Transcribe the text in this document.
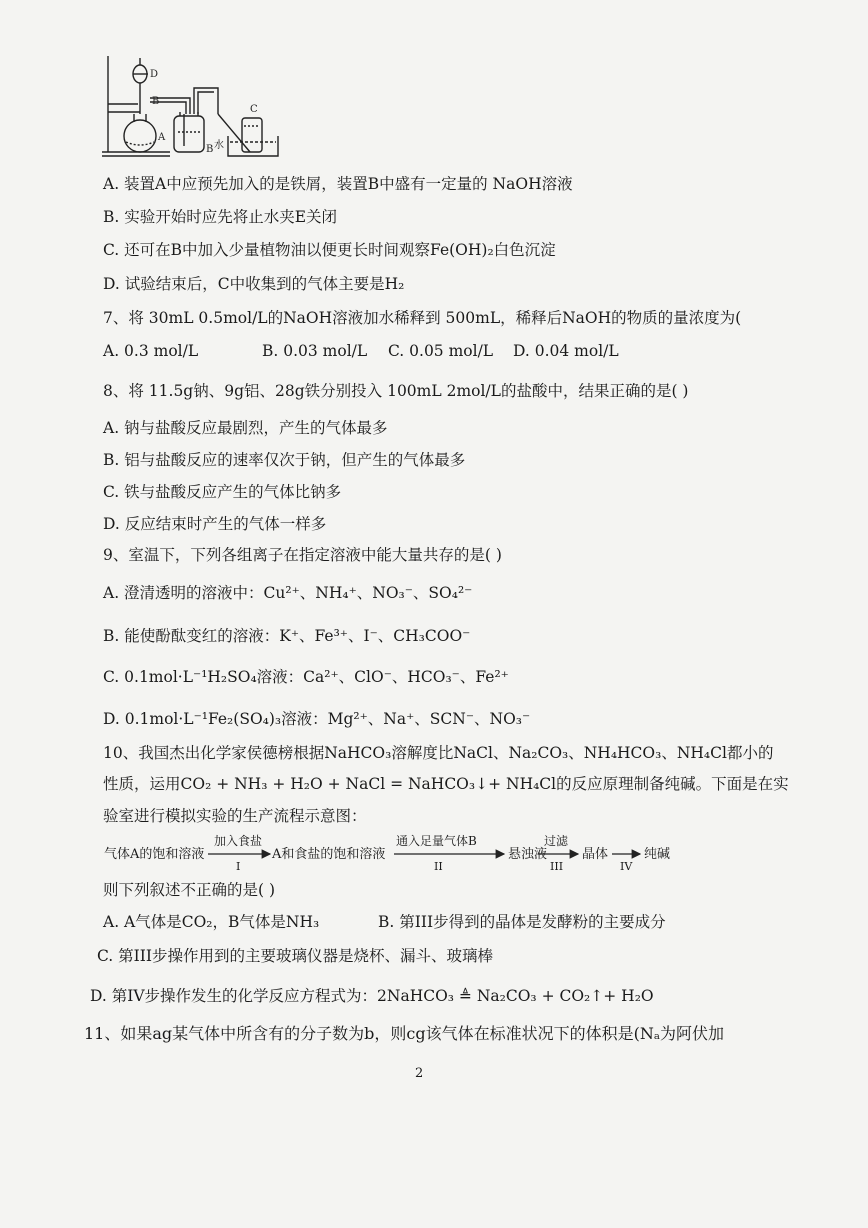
D
B
C
A
B 水
A. 装置A中应预先加入的是铁屑，装置B中盛有一定量的 NaOH溶液
B. 实验开始时应先将止水夹E关闭
C. 还可在B中加入少量植物油以便更长时间观察Fe(OH)₂白色沉淀
D. 试验结束后，C中收集到的气体主要是H₂
7、将 30mL 0.5mol/L的NaOH溶液加水稀释到 500mL，稀释后NaOH的物质的量浓度为(
A. 0.3 mol/L	B. 0.03 mol/L C. 0.05 mol/L D. 0.04 mol/L
8、将 11.5g钠、9g铝、28g铁分别投入 100mL 2mol/L的盐酸中，结果正确的是( )
A. 钠与盐酸反应最剧烈，产生的气体最多
B. 铝与盐酸反应的速率仅次于钠，但产生的气体最多
C. 铁与盐酸反应产生的气体比钠多
D. 反应结束时产生的气体一样多
9、室温下，下列各组离子在指定溶液中能大量共存的是( )
A. 澄清透明的溶液中：Cu²⁺、NH₄⁺、NO₃⁻、SO₄²⁻
B. 能使酚酞变红的溶液：K⁺、Fe³⁺、I⁻、CH₃COO⁻
C. 0.1mol·L⁻¹H₂SO₄溶液：Ca²⁺、ClO⁻、HCO₃⁻、Fe²⁺
D. 0.1mol·L⁻¹Fe₂(SO₄)₃溶液：Mg²⁺、Na⁺、SCN⁻、NO₃⁻
10、我国杰出化学家侯德榜根据NaHCO₃溶解度比NaCl、Na₂CO₃、NH₄HCO₃、NH₄Cl都小的
性质，运用CO₂ + NH₃ + H₂O + NaCl = NaHCO₃↓+ NH₄Cl的反应原理制备纯碱。下面是在实
验室进行模拟实验的生产流程示意图：
气体A的饱和溶液
加入食盐
I
A和食盐的饱和溶液
通入足量气体B
II
悬浊液
过滤
III
晶体
IV
纯碱
则下列叙述不正确的是( )
A. A气体是CO₂，B气体是NH₃	B. 第III步得到的晶体是发酵粉的主要成分
C. 第III步操作用到的主要玻璃仪器是烧杯、漏斗、玻璃棒
D. 第IV步操作发生的化学反应方程式为：2NaHCO₃ ≜ Na₂CO₃ + CO₂↑+ H₂O
11、如果ag某气体中所含有的分子数为b，则cg该气体在标准状况下的体积是(Nₐ为阿伏加
2
